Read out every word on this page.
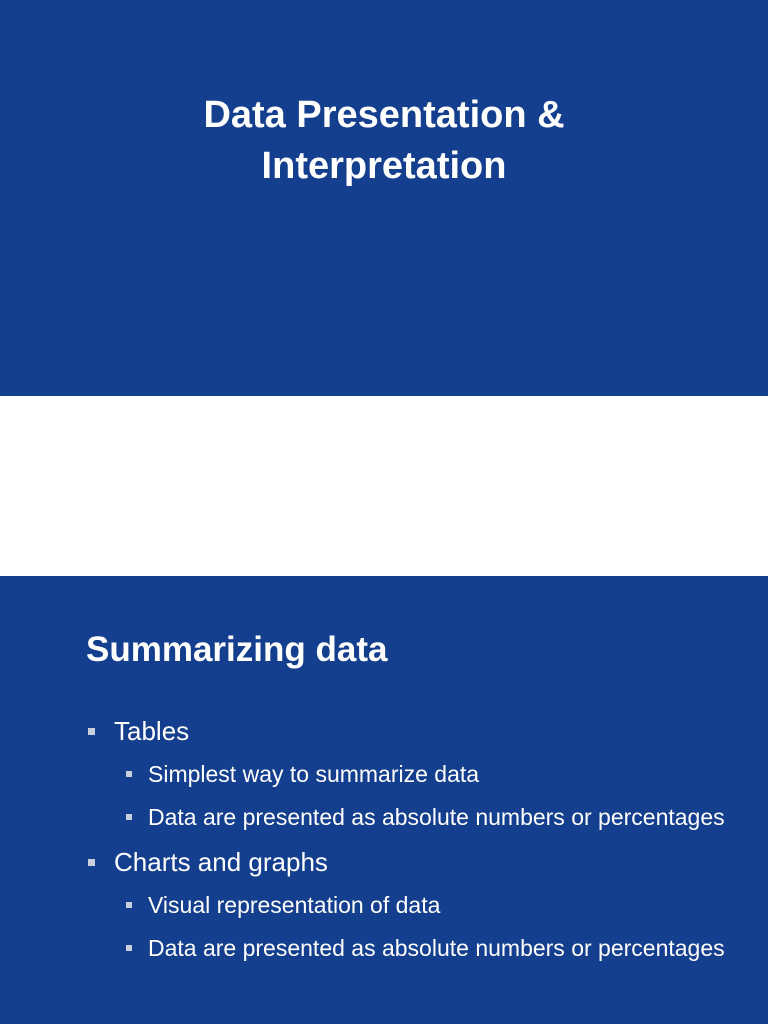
Data Presentation &
Interpretation
Summarizing data
Tables
Simplest way to summarize data
Data are presented as absolute numbers or percentages
Charts and graphs
Visual representation of data
Data are presented as absolute numbers or percentages
